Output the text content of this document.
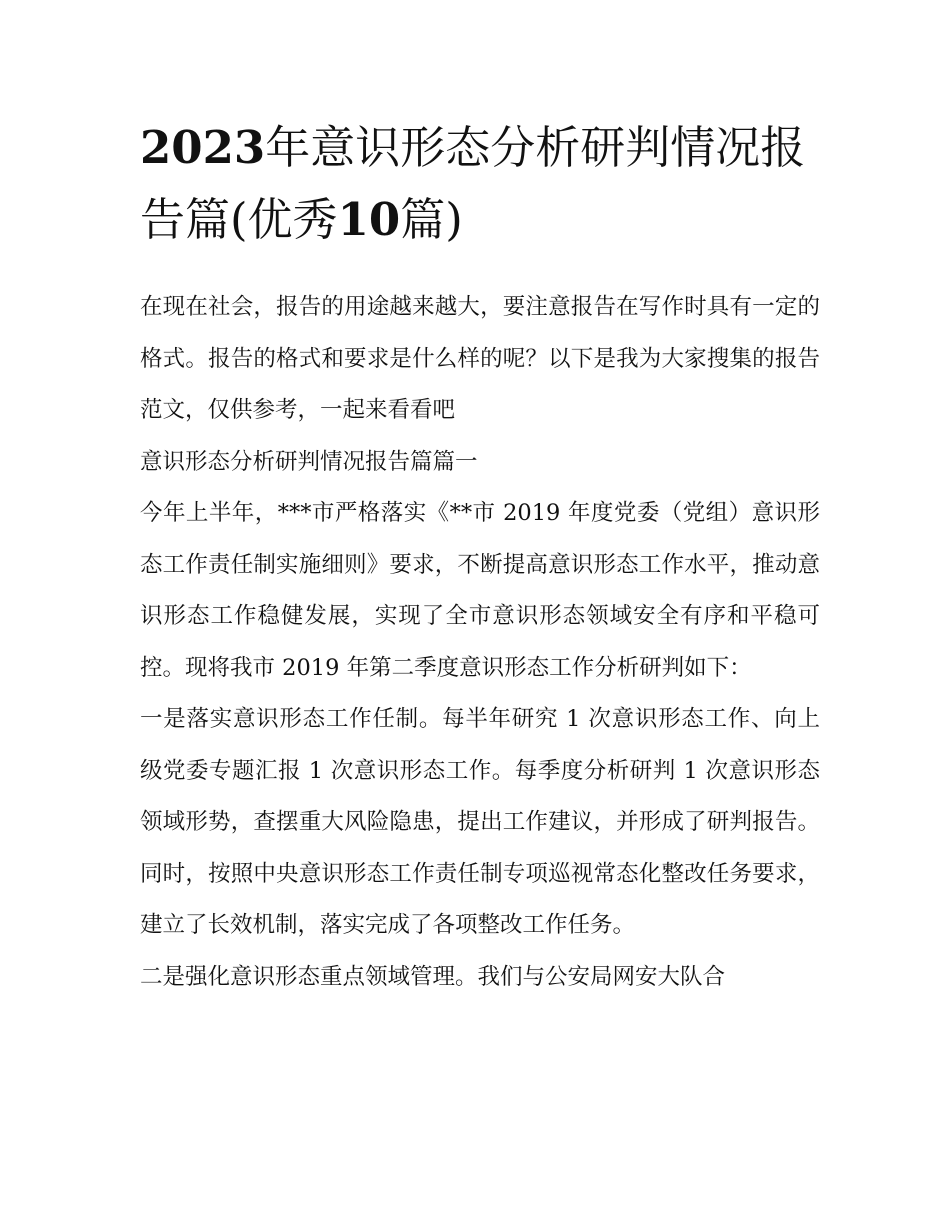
2023年意识形态分析研判情况报告篇(优秀10篇)

在现在社会，报告的用途越来越大，要注意报告在写作时具有一定的格式。报告的格式和要求是什么样的呢？以下是我为大家搜集的报告范文，仅供参考，一起来看看吧

意识形态分析研判情况报告篇篇一

今年上半年，***市严格落实《**市 2019 年度党委（党组）意识形态工作责任制实施细则》要求，不断提高意识形态工作水平，推动意识形态工作稳健发展，实现了全市意识形态领域安全有序和平稳可控。现将我市 2019 年第二季度意识形态工作分析研判如下：

一是落实意识形态工作任制。每半年研究 1 次意识形态工作、向上级党委专题汇报 1 次意识形态工作。每季度分析研判 1 次意识形态领域形势，查摆重大风险隐患，提出工作建议，并形成了研判报告。同时，按照中央意识形态工作责任制专项巡视常态化整改任务要求，建立了长效机制，落实完成了各项整改工作任务。

二是强化意识形态重点领域管理。我们与公安局网安大队合
